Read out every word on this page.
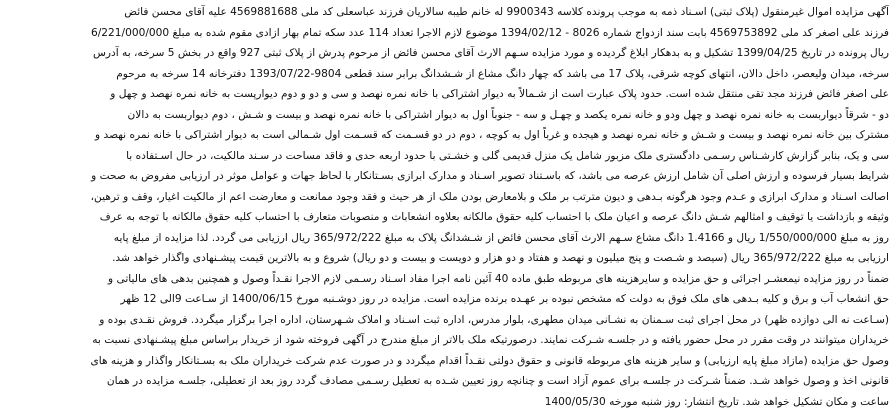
آگهی مزایده اموال غیرمنقول (پلاک ثبتی) اسـناد ذمه به موجب پرونده کلاسه 9900343 له خانم طیبه سالاریان فرزند عباسعلی کد ملی 4569881688 علیه آقای محسن فائض
فرزند علی اصغر کد ملی 4569753892 بابت سند ازدواج شماره 8026 - 1394/02/12 موضوع لازم الاجرا تعداد 114 عدد سکه تمام بهار ازادی مقوم شده به مبلغ 6/221/000/000
ریال پرونده در تاریخ 1399/04/25 تشکیل و به بدهکار ابلاغ گردیده و مورد مزایده سـهم الارث آقای محسن فائض از مرحوم پدرش از پلاک ثبتی 927 واقع در بخش 5 سرخه، به آدرس
سرخه، میدان ولیعصر، داخل دالان، انتهای کوچه شرقی، پلاک 17 می باشد که چهار دانگ مشاع از شـشدانگ برابر سند قطعی 9804-1393/07/22 دفترخانه 14 سرخه به مرحوم
علی اصغر فائض فرزند مجد تقی منتقل شده است. حدود پلاک عبارت است از شـمالاً به دیوار اشتراکی با خانه نمره نهصد و سی و دو و دوم دیوارپست به خانه نمره نهصد و چهل و
دو - شرقاً دیواربست به خانه نمره نهصد و چهل ودو و خانه نمره یکصد و چهـل و سه - جنوباً اول به دیوار اشتراکی با خانه نمره نهصد و بیست و شـش ، دوم دیواربست به دالان
مشترک بین خانه نمره نهصد و بیست و شـش و خانه نمره نهصد و هیجده و غرباً اول به کوچه ، دوم در دو قسـمت که قسـمت اول شـمالی است به دیوار اشتراکی با خانه نمره نهصد و
سی و یک، بنابر گزارش کارشـناس رسـمی دادگستری ملک مزبور شامل یک منزل قدیمی گلی و خشـتی با حدود اربعه حدی و فاقد مساحت در سـند مالکیت، در حال اسـتفاده با
شرایط بسیار فرسوده و ارزش اصلی آن شامل ارزش عرصه می باشد، که باسـتناد تصویر اسـناد و مدارک ابرازی بسـتانکار با لحاظ جهات و عوامل موثر در ارزیابی مفروض به صحت و
اصالت اسـناد و مدارک ابرازی و عـدم وجود هرگونه بـدهی و دیون مترتب بر ملک و بلامعارض بودن ملک از هر حیث و فقد وجود ممانعت و معارضت اعم از مالکیت اغیار، وقف و ترهین،
وثیقه و بازداشت یا توقیف و امثالهم شـش دانگ عرصه و اعیان ملک با احتساب کلیه حقوق مالکانه بعلاوه انشعابات و منصوبات متعارف با احتساب کلیه حقوق مالکانه با توجه به عرف
روز به مبلغ 1/550/000/000 ریال و 1.4166 دانگ مشاع سـهم الارث آقای محسن فائض از شـشدانگ پلاک به مبلغ 365/972/222 ریال ارزیابی می گردد. لذا مزایده از مبلغ پایه
ارزیابی به مبلغ 365/972/222 ریال (سیصد و شـصت و پنج میلیون و نهصد و هفتاد و دو هزار و دویست و بیست و دو ریال) شروع و به بالاترین قیمت پیشـنهادی واگذار خواهد شد.
ضمناً در روز مزایده نیمعشـر اجرائی و حق مزایده و سایرهزینه های مربوطه طبق ماده 40 آئین نامه اجرا مفاد اسـناد رسـمی لازم الاجرا نقـداً وصول و همچنین بدهی های مالیاتی و
حق انشعاب آب و برق و کلیه بـدهی های ملک فوق به دولت که مشخص نبوده بر عهـده برنده مزایده است. مزایده در روز دوشـنبه مورخ 1400/06/15 از سـاعت 9الی 12 ظهر
(سـاعت نه الی دوازده ظهر) در محل اجرای ثبت سـمنان به نشـانی میدان مطهری، بلوار مدرس، اداره ثبت اسـناد و املاک شـهرستان، اداره اجرا برگزار میگردد. فروش نقـدی بوده و
خریداران میتوانند در وقت مقرر در محل حضور یافته و در جلسـه شـرکت نمایند. درصورتیکه ملک بالاتر از مبلغ مندرج در آگهی فروخته شود از خریدار براساس مبلغ پیشـنهادی نسبت به
وصول حق مزایده (مازاد مبلغ پایه ارزیابی) و سایر هزینه های مربوطه قانونی و حقوق دولتی نقـداً اقدام میگردد و در صورت عدم شرکت خریداران ملک به بسـتانکار واگذار و هزینه های
قانونی اخذ و وصول خواهد شـد. ضمناً شـرکت در جلسـه برای عموم آزاد است و چنانچه روز تعیین شـده به تعطیل رسـمی مصادف گردد روز بعد از تعطیلی، جلسـه مزایده در همان
ساعت و مکان تشکیل خواهد شد. تاریخ انتشار: روز شنبه مورخه 1400/05/30
